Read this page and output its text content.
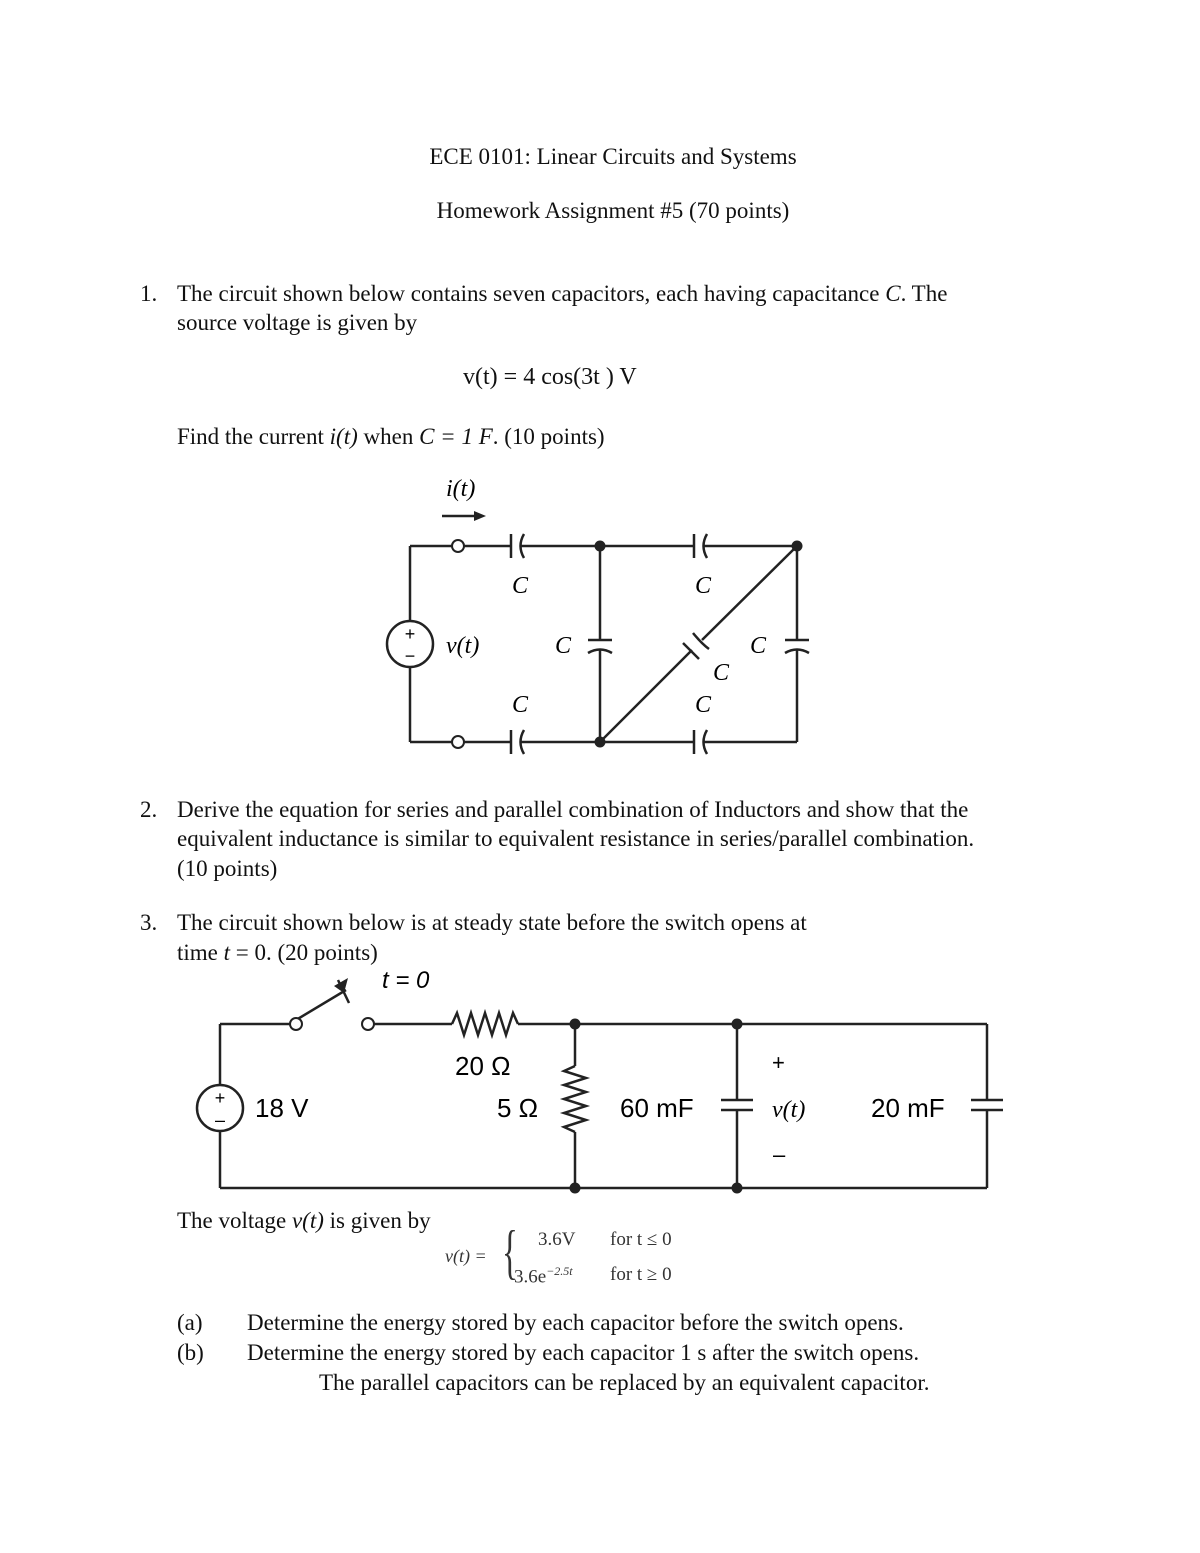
ECE 0101: Linear Circuits and Systems
Homework Assignment #5 (70 points)
1. The circuit shown below contains seven capacitors, each having capacitance C. The
source voltage is given by
v(t) = 4 cos(3t ) V
Find the current i(t) when C = 1 F. (10 points)
+
−
i(t)
v(t)
C	C
C	C
C
C	C
2. Derive the equation for series and parallel combination of Inductors and show that the
equivalent inductance is similar to equivalent resistance in series/parallel combination.
(10 points)
3. The circuit shown below is at steady state before the switch opens at
time t = 0. (20 points)
+
–
t = 0
18 V
20 Ω
5 Ω	60 mF
+
v(t)
–
20 mF
The voltage v(t) is given by
v(t) = { 3.6V for t ≤ 0
$3.6e^{-2.5t}$ for t ≥ 0
(a) Determine the energy stored by each capacitor before the switch opens.
(b) Determine the energy stored by each capacitor 1 s after the switch opens.
The parallel capacitors can be replaced by an equivalent capacitor.
